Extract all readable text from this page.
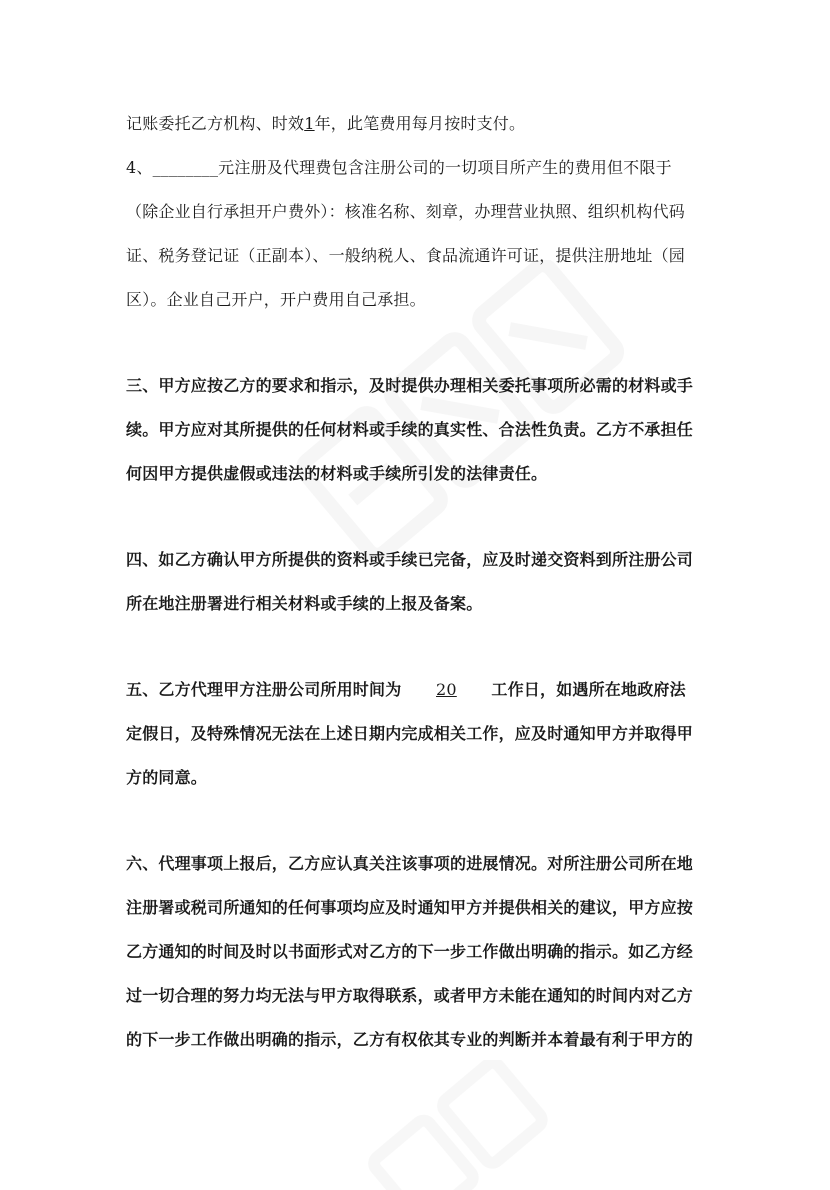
记账委托乙方机构、时效1年，此笔费用每月按时支付。
4、________元注册及代理费包含注册公司的一切项目所产生的费用但不限于
（除企业自行承担开户费外）：核准名称、刻章，办理营业执照、组织机构代码
证、税务登记证（正副本）、一般纳税人、食品流通许可证，提供注册地址（园
区）。企业自己开户，开户费用自己承担。
三、甲方应按乙方的要求和指示，及时提供办理相关委托事项所必需的材料或手
续。甲方应对其所提供的任何材料或手续的真实性、合法性负责。乙方不承担任
何因甲方提供虚假或违法的材料或手续所引发的法律责任。
四、如乙方确认甲方所提供的资料或手续已完备，应及时递交资料到所注册公司
所在地注册署进行相关材料或手续的上报及备案。
五、乙方代理甲方注册公司所用时间为 20 工作日，如遇所在地政府法
定假日，及特殊情况无法在上述日期内完成相关工作，应及时通知甲方并取得甲
方的同意。
六、代理事项上报后，乙方应认真关注该事项的进展情况。对所注册公司所在地
注册署或税司所通知的任何事项均应及时通知甲方并提供相关的建议，甲方应按
乙方通知的时间及时以书面形式对乙方的下一步工作做出明确的指示。如乙方经
过一切合理的努力均无法与甲方取得联系，或者甲方未能在通知的时间内对乙方
的下一步工作做出明确的指示，乙方有权依其专业的判断并本着最有利于甲方的
